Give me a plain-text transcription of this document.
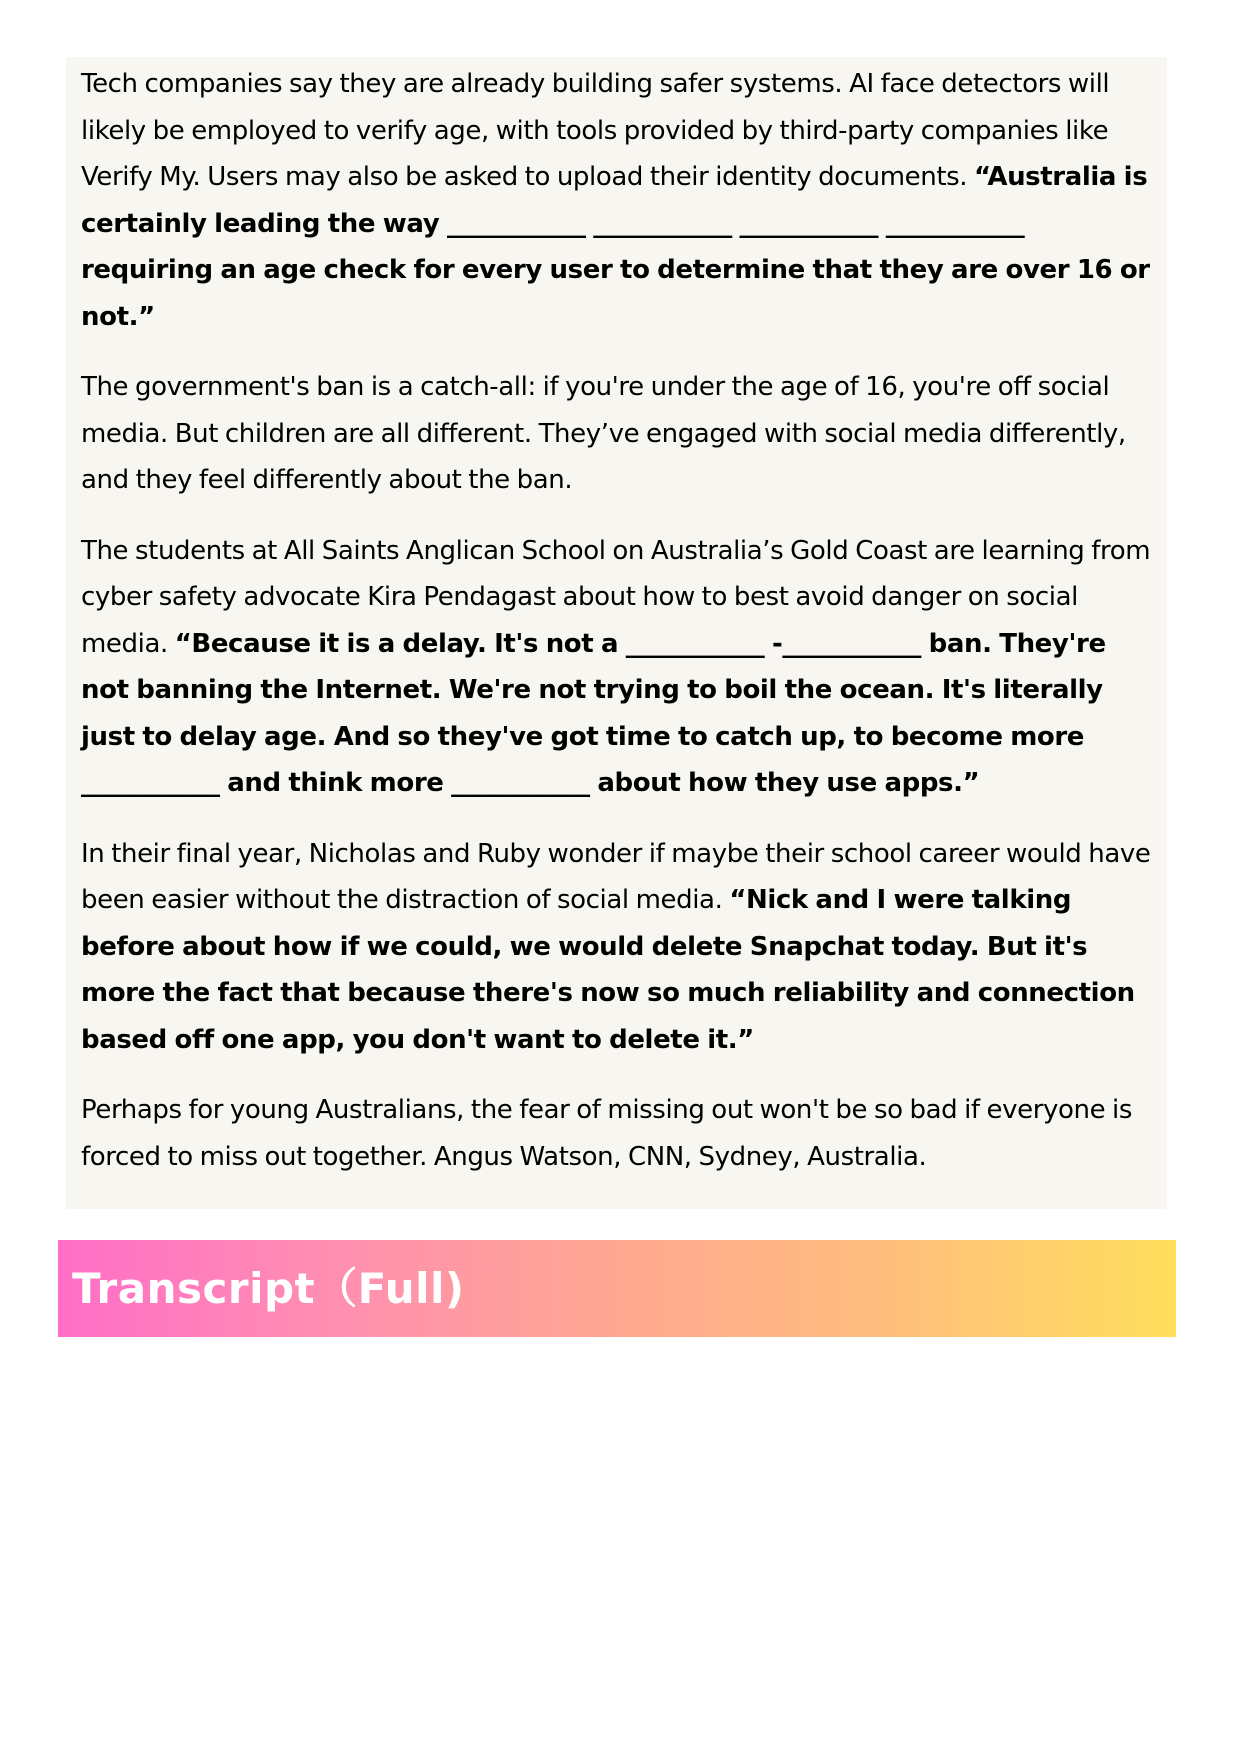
Tech companies say they are already building safer systems. AI face detectors will likely be employed to verify age, with tools provided by third-party companies like Verify My. Users may also be asked to upload their identity documents. “Australia is certainly leading the way ___________ ___________ ___________ ___________ requiring an age check for every user to determine that they are over 16 or not.”

The government's ban is a catch-all: if you're under the age of 16, you're off social media. But children are all different. They’ve engaged with social media differently, and they feel differently about the ban.

The students at All Saints Anglican School on Australia’s Gold Coast are learning from cyber safety advocate Kira Pendagast about how to best avoid danger on social media. “Because it is a delay. It's not a ___________ -___________ ban. They're not banning the Internet. We're not trying to boil the ocean. It's literally just to delay age. And so they've got time to catch up, to become more ___________ and think more ___________ about how they use apps.”

In their final year, Nicholas and Ruby wonder if maybe their school career would have been easier without the distraction of social media. “Nick and I were talking before about how if we could, we would delete Snapchat today. But it's more the fact that because there's now so much reliability and connection based off one app, you don't want to delete it.”

Perhaps for young Australians, the fear of missing out won't be so bad if everyone is forced to miss out together. Angus Watson, CNN, Sydney, Australia.

Transcript（Full)
